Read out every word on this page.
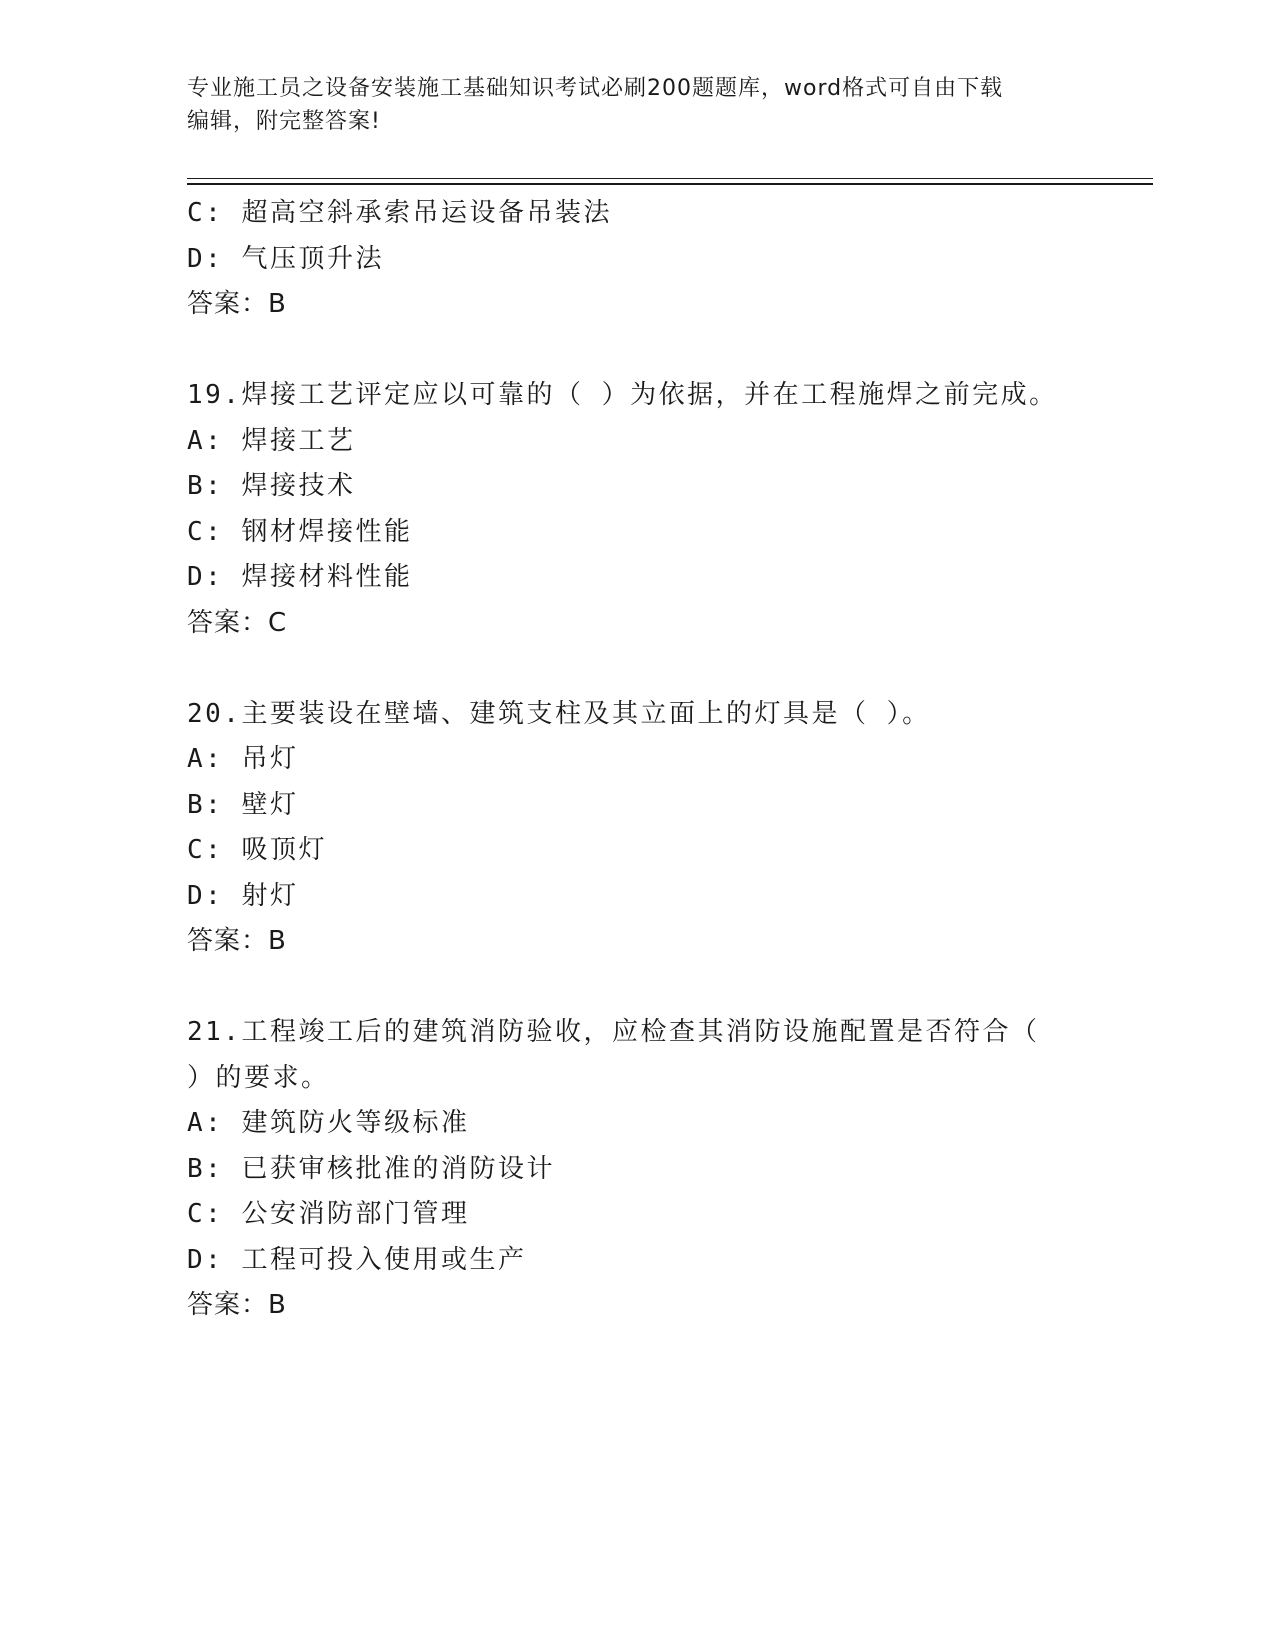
专业施工员之设备安装施工基础知识考试必刷200题题库，word格式可自由下载
编辑，附完整答案!
C: 超高空斜承索吊运设备吊装法
D: 气压顶升法
答案：B
19.焊接工艺评定应以可靠的（ ）为依据，并在工程施焊之前完成。
A: 焊接工艺
B: 焊接技术
C: 钢材焊接性能
D: 焊接材料性能
答案：C
20.主要装设在壁墙、建筑支柱及其立面上的灯具是（ ）。
A: 吊灯
B: 壁灯
C: 吸顶灯
D: 射灯
答案：B
21.工程竣工后的建筑消防验收，应检查其消防设施配置是否符合（
）的要求。
A: 建筑防火等级标准
B: 已获审核批准的消防设计
C: 公安消防部门管理
D: 工程可投入使用或生产
答案：B
